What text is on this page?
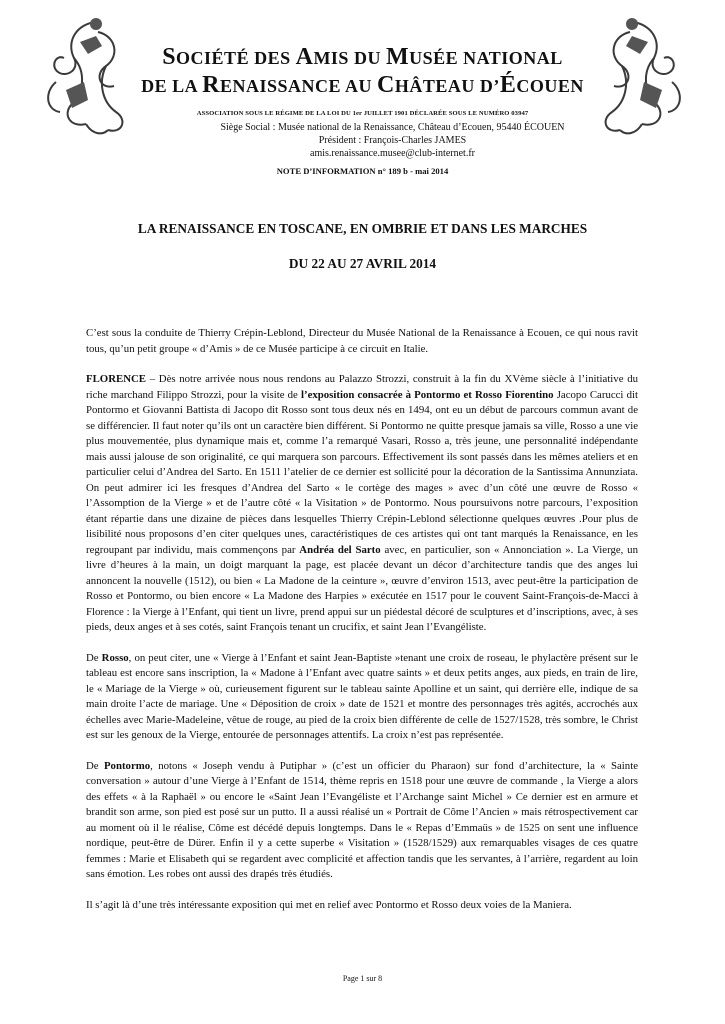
SOCIÉTÉ DES AMIS DU MUSÉE NATIONAL
DE LA RENAISSANCE AU CHÂTEAU D’ÉCOUEN
ASSOCIATION SOUS LE RÉGIME DE LA LOI DU 1er JUILLET 1901 DÉCLARÉE SOUS LE NUMÉRO 03947
Siège Social : Musée national de la Renaissance, Château d’Ecouen, 95440 ÉCOUEN
Président : François-Charles JAMES
amis.renaissance.musee@club-internet.fr
NOTE D’INFORMATION n° 189 b - mai 2014
LA RENAISSANCE EN TOSCANE, EN OMBRIE ET DANS LES MARCHES
DU 22 AU 27 AVRIL 2014

C’est sous la conduite de Thierry Crépin-Leblond, Directeur du Musée National de la Renaissance à Ecouen, ce qui nous ravit tous, qu’un petit groupe « d’Amis » de ce Musée participe à ce circuit en Italie.

FLORENCE – Dès notre arrivée nous nous rendons au Palazzo Strozzi, construit à la fin du XVème siècle à l’initiative du riche marchand Filippo Strozzi, pour la visite de l’exposition consacrée à Pontormo et Rosso Fiorentino Jacopo Carucci dit Pontormo et Giovanni Battista di Jacopo dit Rosso sont tous deux nés en 1494, ont eu un début de parcours commun avant de se différencier. Il faut noter qu’ils ont un caractère bien différent. Si Pontormo ne quitte presque jamais sa ville, Rosso a une vie plus mouvementée, plus dynamique mais et, comme l’a remarqué Vasari, Rosso a, très jeune, une personnalité indépendante mais aussi jalouse de son originalité, ce qui marquera son parcours. Effectivement ils sont passés dans les mêmes ateliers et en particulier celui d’Andrea del Sarto. En 1511 l’atelier de ce dernier est sollicité pour la décoration de la Santissima Annunziata. On peut admirer ici les fresques d’Andrea del Sarto « le cortège des mages » avec d’un côté une œuvre de Rosso « l’Assomption de la Vierge » et de l’autre côté « la Visitation » de Pontormo. Nous poursuivons notre parcours, l’exposition étant répartie dans une dizaine de pièces dans lesquelles Thierry Crépin-Leblond sélectionne quelques œuvres .Pour plus de lisibilité nous proposons d’en citer quelques unes, caractéristiques de ces artistes qui ont tant marqués la Renaissance, en les regroupant par individu, mais commençons par Andréa del Sarto avec, en particulier, son « Annonciation ». La Vierge, un livre d’heures à la main, un doigt marquant la page, est placée devant un décor d’architecture tandis que des anges lui annoncent la nouvelle (1512), ou bien « La Madone de la ceinture », œuvre d’environ 1513, avec peut-être la participation de Rosso et Pontormo, ou bien encore « La Madone des Harpies » exécutée en 1517 pour le couvent Saint-François-de-Macci à Florence : la Vierge à l’Enfant, qui tient un livre, prend appui sur un piédestal décoré de sculptures et d’inscriptions, avec, à ses pieds, deux anges et à ses cotés, saint François tenant un crucifix, et saint Jean l’Evangéliste.

De Rosso, on peut citer, une « Vierge à l’Enfant et saint Jean-Baptiste »tenant une croix de roseau, le phylactère présent sur le tableau est encore sans inscription, la « Madone à l’Enfant avec quatre saints » et deux petits anges, aux pieds, en train de lire, le « Mariage de la Vierge » où, curieusement figurent sur le tableau sainte Apolline et un saint, qui derrière elle, indique de sa main droite l’acte de mariage. Une « Déposition de croix » date de 1521 et montre des personnages très agités, accrochés aux échelles avec Marie-Madeleine, vêtue de rouge, au pied de la croix bien différente de celle de 1527/1528, très sombre, le Christ est sur les genoux de la Vierge, entourée de personnages attentifs. La croix n’est pas représentée.

De Pontormo, notons « Joseph vendu à Putiphar » (c’est un officier du Pharaon) sur fond d’architecture, la « Sainte conversation » autour d’une Vierge à l’Enfant de 1514, thème repris en 1518 pour une œuvre de commande , la Vierge a alors des effets « à la Raphaël » ou encore le «Saint Jean l’Evangéliste et l’Archange saint Michel » Ce dernier est en armure et brandit son arme, son pied est posé sur un putto. Il a aussi réalisé un « Portrait de Côme l’Ancien » mais rétrospectivement car au moment où il le réalise, Côme est décédé depuis longtemps. Dans le « Repas d’Emmaüs » de 1525 on sent une influence nordique, peut-être de Dürer. Enfin il y a cette superbe « Visitation » (1528/1529) aux remarquables visages de ces quatre femmes : Marie et Elisabeth qui se regardent avec complicité et affection tandis que les servantes, à l’arrière, regardent au loin sans émotion. Les robes ont aussi des drapés très étudiés.

Il s’agit là d’une très intéressante exposition qui met en relief avec Pontormo et Rosso deux voies de la Maniera.

Page 1 sur 8
